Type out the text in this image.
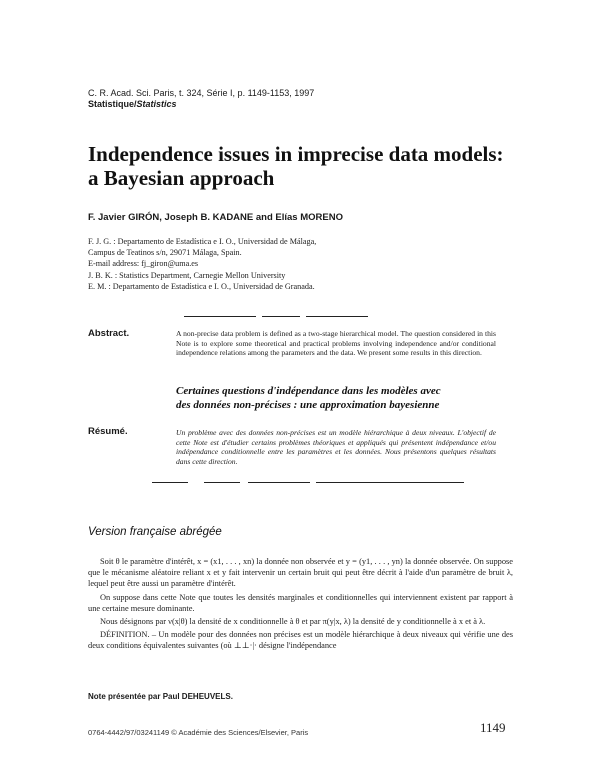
C. R. Acad. Sci. Paris, t. 324, Série I, p. 1149-1153, 1997
Statistique/Statistics
Independence issues in imprecise data models:
a Bayesian approach
F. Javier GIRÓN, Joseph B. KADANE and Elías MORENO
F. J. G. : Departamento de Estadística e I. O., Universidad de Málaga,
Campus de Teatinos s/n, 29071 Málaga, Spain.
E-mail address: fj_giron@uma.es
J. B. K. : Statistics Department, Carnegie Mellon University
E. M. : Departamento de Estadística e I. O., Universidad de Granada.
Abstract.	A non-precise data problem is defined as a two-stage hierarchical model. The question considered in this Note is to explore some theoretical and practical problems involving independence and/or conditional independence relations among the parameters and the data. We present some results in this direction.
Certaines questions d'indépendance dans les modèles avec
des données non-précises : une approximation bayesienne
Résumé.	Un problème avec des données non-précises est un modèle hiérarchique à deux niveaux. L'objectif de cette Note est d'étudier certains problèmes théoriques et appliqués qui présentent indépendance et/ou indépendance conditionnelle entre les paramètres et les données. Nous présentons quelques résultats dans cette direction.
Version française abrégée

Soit θ le paramètre d'intérêt, x = (x1, . . . , xn) la donnée non observée et y = (y1, . . . , yn) la donnée observée. On suppose que le mécanisme aléatoire reliant x et y fait intervenir un certain bruit qui peut être décrit à l'aide d'un paramètre de bruit λ, lequel peut être aussi un paramètre d'intérêt.

On suppose dans cette Note que toutes les densités marginales et conditionnelles qui interviennent existent par rapport à une certaine mesure dominante.

Nous désignons par ν(x|θ) la densité de x conditionnelle à θ et par π(y|x, λ) la densité de y conditionnelle à x et à λ.

DÉFINITION. – Un modèle pour des données non précises est un modèle hiérarchique à deux niveaux qui vérifie une des deux conditions équivalentes suivantes (où ⊥⊥·|· désigne l'indépendance

Note présentée par Paul DEHEUVELS.
0764-4442/97/03241149 © Académie des Sciences/Elsevier, Paris	1149
